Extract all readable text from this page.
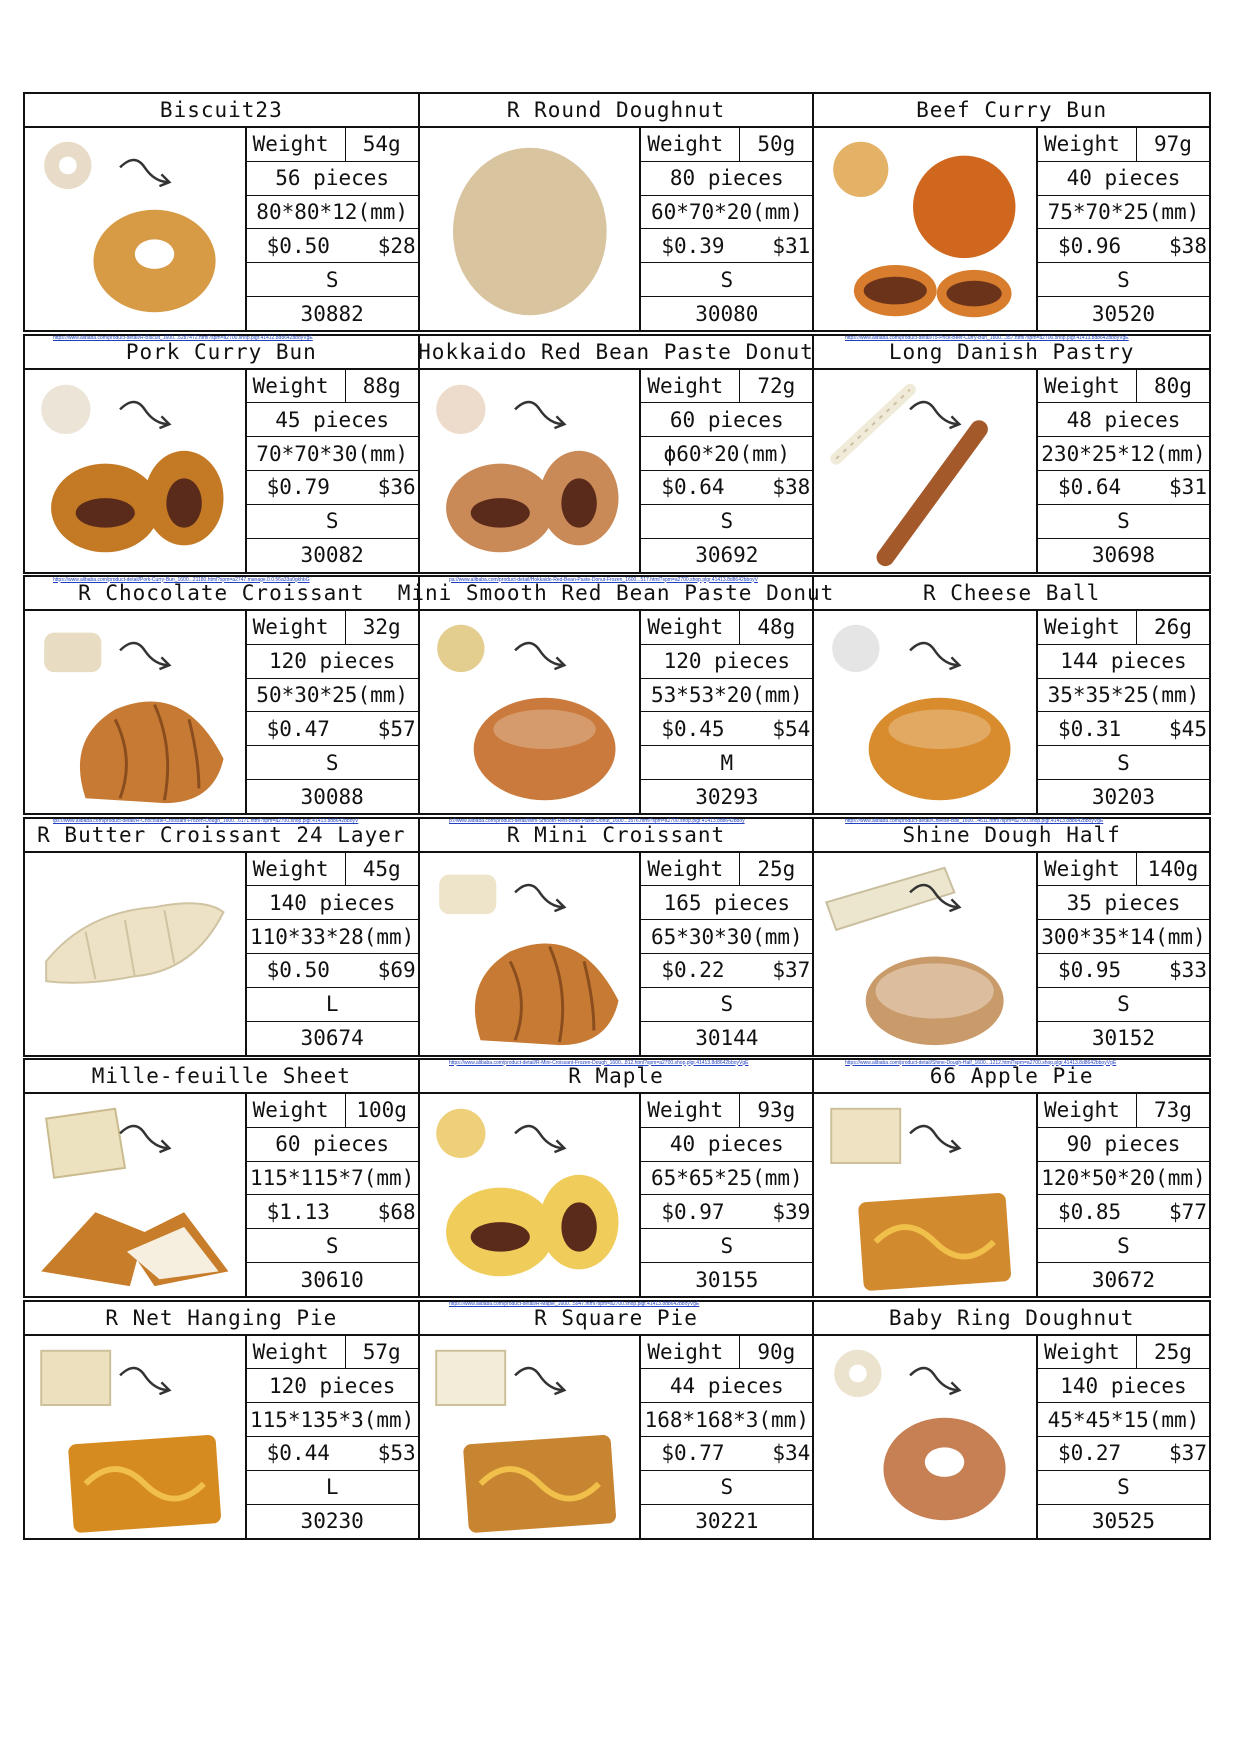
Biscuit23
Weight	54g
56 pieces
80*80*12(mm)
$0.50 $28
S
30882
R Round Doughnut
Weight	50g
80 pieces
60*70*20(mm)
$0.39 $31
S
30080
Beef Curry Bun
Weight	97g
40 pieces
75*70*25(mm)
$0.96 $38
S
30520
Pork Curry Bun
Weight	88g
45 pieces
70*70*30(mm)
$0.79 $36
S
30082
Hokkaido Red Bean Paste Donut
Weight	72g
60 pieces
ϕ60*20(mm)
$0.64 $38
S
30692
Long Danish Pastry
Weight	80g
48 pieces
230*25*12(mm)
$0.64 $31
S
30698
R Chocolate Croissant
Weight	32g
120 pieces
50*30*25(mm)
$0.47 $57
S
30088
Mini Smooth Red Bean Paste Donut
Weight	48g
120 pieces
53*53*20(mm)
$0.45 $54
M
30293
R Cheese Ball
Weight	26g
144 pieces
35*35*25(mm)
$0.31 $45
S
30203
R Butter Croissant 24 Layer
Weight	45g
140 pieces
110*33*28(mm)
$0.50 $69
L
30674
R Mini Croissant
Weight	25g
165 pieces
65*30*30(mm)
$0.22 $37
S
30144
Shine Dough Half
Weight	140g
35 pieces
300*35*14(mm)
$0.95 $33
S
30152
Mille-feuille Sheet
Weight	100g
60 pieces
115*115*7(mm)
$1.13 $68
S
30610
R Maple
Weight	93g
40 pieces
65*65*25(mm)
$0.97 $39
S
30155
66 Apple Pie
Weight	73g
90 pieces
120*50*20(mm)
$0.85 $77
S
30672
R Net Hanging Pie
Weight	57g
120 pieces
115*135*3(mm)
$0.44 $53
L
30230
R Square Pie
Weight	90g
44 pieces
168*168*3(mm)
$0.77 $34
S
30221
Baby Ring Doughnut
Weight	25g
140 pieces
45*45*15(mm)
$0.27 $37
S
30525
https://www.alibaba.com/product-detail/R-Biscuit_1600...5287472.html?spm=a2700.shop.plgr.41412.8d8642bboyVgE	https://www.alibaba.com/product-detail/75-Price-Beef-Curry-Bun_1600...357.html?spm=a2700.shop.plgr.41413.8d8642bboyVgE
https://www.alibaba.com/product-detail/Pork-Curry-Bun_1600...21180.html?spm=a2747.manage.0.0.56a33a0gkhbG	pa://www.alibaba.com/product-detail/Hokkaido-Red-Bean-Paste-Donut-Frozen_1600...517.html?spm=a2700.shop.plgr.41413.8d8642bboyV
tps://www.alibaba.com/product-detail/R-Chocolate-Croissant-Frozen-Dough_1600...6171.html?spm=a2700.shop.plgr.41413.8d8642bboyV	p://www.alibaba.com/product-detail/Mini-Smooth-Red-Bean-Paste-Donut_1600...3576.html?spm=a2700.shop.plgr.41413.8d8642bboy	https://www.alibaba.com/product-detail/Cheese-Ball_1600...4611.html?spm=a2700.shop.plgr.41413.8d8642bboyVgE
https://www.alibaba.com/product-detail/R-Mini-Croissant-Frozen-Dough_1600...812.html?spm=a2700.shop.plgr.41413.8d8642bboyVgE	https://www.alibaba.com/product-detail/Shine-Dough-Half_1600...1212.html?spm=a2700.shop.plgr.41413.8d8642bboyVgE
https://www.alibaba.com/product-detail/R-Maple_1600...5947.html?spm=a2700.shop.plgr.41413.8d8642bboyVgE
